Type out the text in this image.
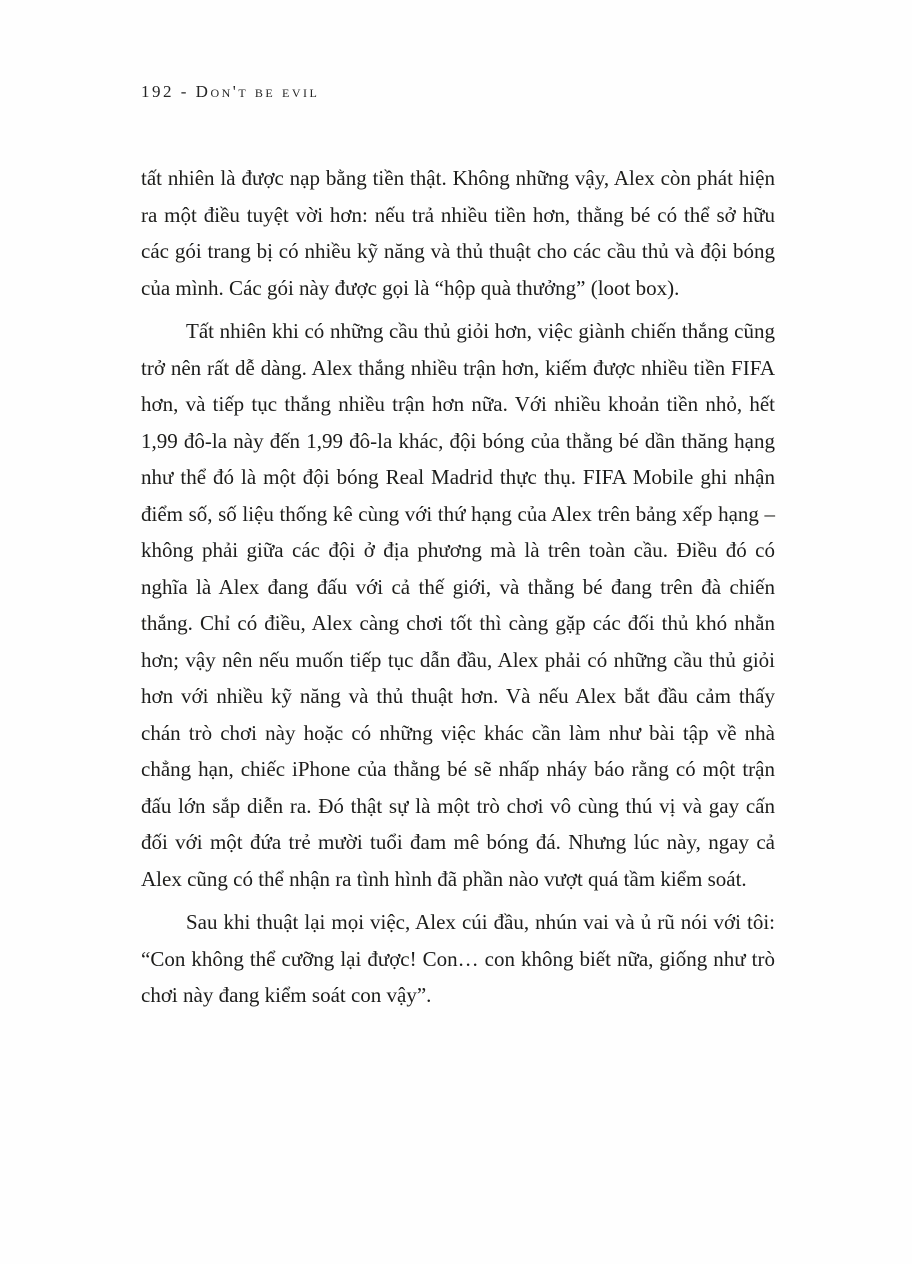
192 - Don't be evil

tất nhiên là được nạp bằng tiền thật. Không những vậy, Alex còn phát hiện ra một điều tuyệt vời hơn: nếu trả nhiều tiền hơn, thằng bé có thể sở hữu các gói trang bị có nhiều kỹ năng và thủ thuật cho các cầu thủ và đội bóng của mình. Các gói này được gọi là “hộp quà thưởng” (loot box).

Tất nhiên khi có những cầu thủ giỏi hơn, việc giành chiến thắng cũng trở nên rất dễ dàng. Alex thắng nhiều trận hơn, kiếm được nhiều tiền FIFA hơn, và tiếp tục thắng nhiều trận hơn nữa. Với nhiều khoản tiền nhỏ, hết 1,99 đô-la này đến 1,99 đô-la khác, đội bóng của thằng bé dần thăng hạng như thể đó là một đội bóng Real Madrid thực thụ. FIFA Mobile ghi nhận điểm số, số liệu thống kê cùng với thứ hạng của Alex trên bảng xếp hạng – không phải giữa các đội ở địa phương mà là trên toàn cầu. Điều đó có nghĩa là Alex đang đấu với cả thế giới, và thằng bé đang trên đà chiến thắng. Chỉ có điều, Alex càng chơi tốt thì càng gặp các đối thủ khó nhằn hơn; vậy nên nếu muốn tiếp tục dẫn đầu, Alex phải có những cầu thủ giỏi hơn với nhiều kỹ năng và thủ thuật hơn. Và nếu Alex bắt đầu cảm thấy chán trò chơi này hoặc có những việc khác cần làm như bài tập về nhà chẳng hạn, chiếc iPhone của thằng bé sẽ nhấp nháy báo rằng có một trận đấu lớn sắp diễn ra. Đó thật sự là một trò chơi vô cùng thú vị và gay cấn đối với một đứa trẻ mười tuổi đam mê bóng đá. Nhưng lúc này, ngay cả Alex cũng có thể nhận ra tình hình đã phần nào vượt quá tầm kiểm soát.

Sau khi thuật lại mọi việc, Alex cúi đầu, nhún vai và ủ rũ nói với tôi: “Con không thể cưỡng lại được! Con… con không biết nữa, giống như trò chơi này đang kiểm soát con vậy”.
